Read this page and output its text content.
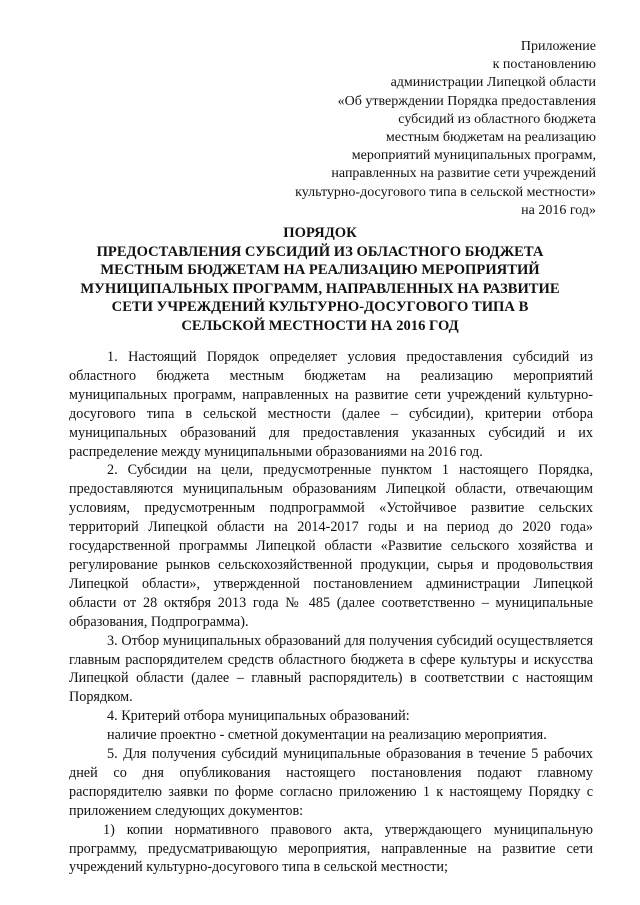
Приложение
к постановлению
администрации Липецкой области
«Об утверждении Порядка предоставления
субсидий из областного бюджета
местным бюджетам на реализацию
мероприятий муниципальных программ,
направленных на развитие сети учреждений
культурно-досугового типа в сельской местности»
на 2016 год»
ПОРЯДОК
ПРЕДОСТАВЛЕНИЯ СУБСИДИЙ ИЗ ОБЛАСТНОГО БЮДЖЕТА
МЕСТНЫМ БЮДЖЕТАМ НА РЕАЛИЗАЦИЮ МЕРОПРИЯТИЙ
МУНИЦИПАЛЬНЫХ ПРОГРАММ, НАПРАВЛЕННЫХ НА РАЗВИТИЕ
СЕТИ УЧРЕЖДЕНИЙ КУЛЬТУРНО-ДОСУГОВОГО ТИПА В
СЕЛЬСКОЙ МЕСТНОСТИ НА 2016 ГОД

1. Настоящий Порядок определяет условия предоставления субсидий из областного бюджета местным бюджетам на реализацию мероприятий муниципальных программ, направленных на развитие сети учреждений культурно-досугового типа в сельской местности (далее – субсидии), критерии отбора муниципальных образований для предоставления указанных субсидий и их распределение между муниципальными образованиями на 2016 год.

2. Субсидии на цели, предусмотренные пунктом 1 настоящего Порядка, предоставляются муниципальным образованиям Липецкой области, отвечающим условиям, предусмотренным подпрограммой «Устойчивое развитие сельских территорий Липецкой области на 2014-2017 годы и на период до 2020 года» государственной программы Липецкой области «Развитие сельского хозяйства и регулирование рынков сельскохозяйственной продукции, сырья и продовольствия Липецкой области», утвержденной постановлением администрации Липецкой области от 28 октября 2013 года № 485 (далее соответственно – муниципальные образования, Подпрограмма).

3. Отбор муниципальных образований для получения субсидий осуществляется главным распорядителем средств областного бюджета в сфере культуры и искусства Липецкой области (далее – главный распорядитель) в соответствии с настоящим Порядком.

4. Критерий отбора муниципальных образований:

наличие проектно - сметной документации на реализацию мероприятия.

5. Для получения субсидий муниципальные образования в течение 5 рабочих дней со дня опубликования настоящего постановления подают главному распорядителю заявки по форме согласно приложению 1 к настоящему Порядку с приложением следующих документов:

1) копии нормативного правового акта, утверждающего муниципальную программу, предусматривающую мероприятия, направленные на развитие сети учреждений культурно-досугового типа в сельской местности;
